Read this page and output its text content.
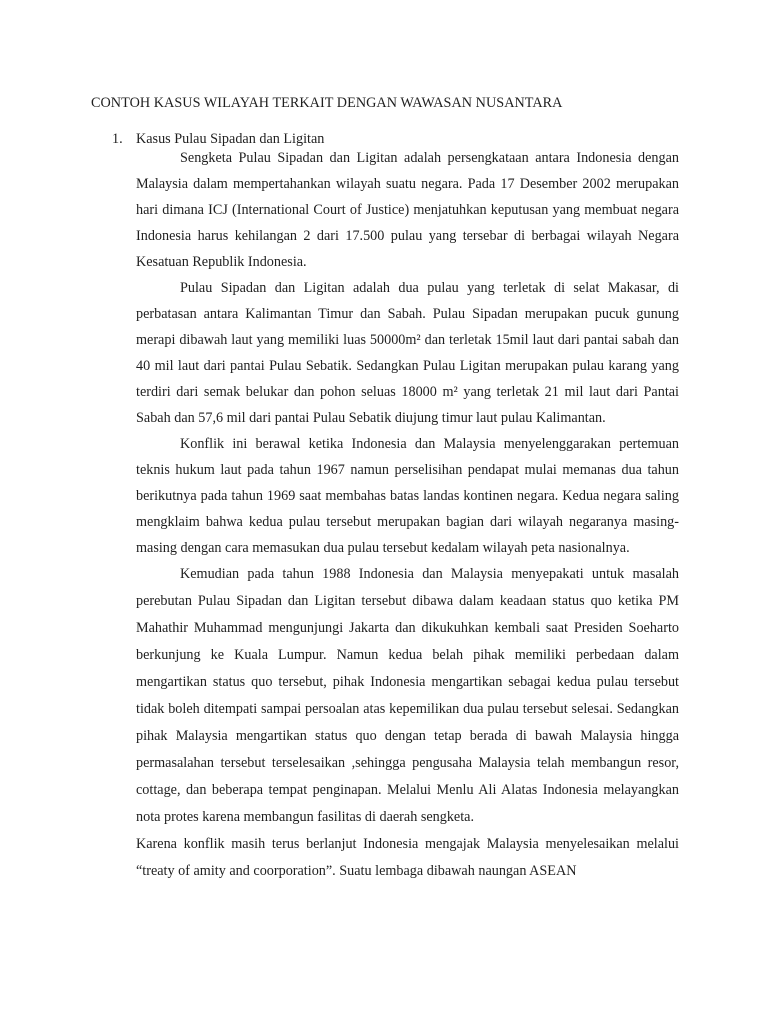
CONTOH KASUS WILAYAH TERKAIT DENGAN WAWASAN NUSANTARA
1. Kasus Pulau Sipadan dan Ligitan

Sengketa Pulau Sipadan dan Ligitan adalah persengkataan antara Indonesia dengan Malaysia dalam mempertahankan wilayah suatu negara. Pada 17 Desember 2002 merupakan hari dimana ICJ (International Court of Justice) menjatuhkan keputusan yang membuat negara Indonesia harus kehilangan 2 dari 17.500 pulau yang tersebar di berbagai wilayah Negara Kesatuan Republik Indonesia.

Pulau Sipadan dan Ligitan adalah dua pulau yang terletak di selat Makasar, di perbatasan antara Kalimantan Timur dan Sabah. Pulau Sipadan merupakan pucuk gunung merapi dibawah laut yang memiliki luas 50000m² dan terletak 15mil laut dari pantai sabah dan 40 mil laut dari pantai Pulau Sebatik. Sedangkan Pulau Ligitan merupakan pulau karang yang terdiri dari semak belukar dan pohon seluas 18000 m² yang terletak 21 mil laut dari Pantai Sabah dan 57,6 mil dari pantai Pulau Sebatik diujung timur laut pulau Kalimantan.

Konflik ini berawal ketika Indonesia dan Malaysia menyelenggarakan pertemuan teknis hukum laut pada tahun 1967 namun perselisihan pendapat mulai memanas dua tahun berikutnya pada tahun 1969 saat membahas batas landas kontinen negara. Kedua negara saling mengklaim bahwa kedua pulau tersebut merupakan bagian dari wilayah negaranya masing-masing dengan cara memasukan dua pulau tersebut kedalam wilayah peta nasionalnya.

Kemudian pada tahun 1988 Indonesia dan Malaysia menyepakati untuk masalah perebutan Pulau Sipadan dan Ligitan tersebut dibawa dalam keadaan status quo ketika PM Mahathir Muhammad mengunjungi Jakarta dan dikukuhkan kembali saat Presiden Soeharto berkunjung ke Kuala Lumpur. Namun kedua belah pihak memiliki perbedaan dalam mengartikan status quo tersebut, pihak Indonesia mengartikan sebagai kedua pulau tersebut tidak boleh ditempati sampai persoalan atas kepemilikan dua pulau tersebut selesai. Sedangkan pihak Malaysia mengartikan status quo dengan tetap berada di bawah Malaysia hingga permasalahan tersebut terselesaikan ,sehingga pengusaha Malaysia telah membangun resor, cottage, dan beberapa tempat penginapan. Melalui Menlu Ali Alatas Indonesia melayangkan nota protes karena membangun fasilitas di daerah sengketa.

Karena konflik masih terus berlanjut Indonesia mengajak Malaysia menyelesaikan melalui “treaty of amity and coorporation”. Suatu lembaga dibawah naungan ASEAN
